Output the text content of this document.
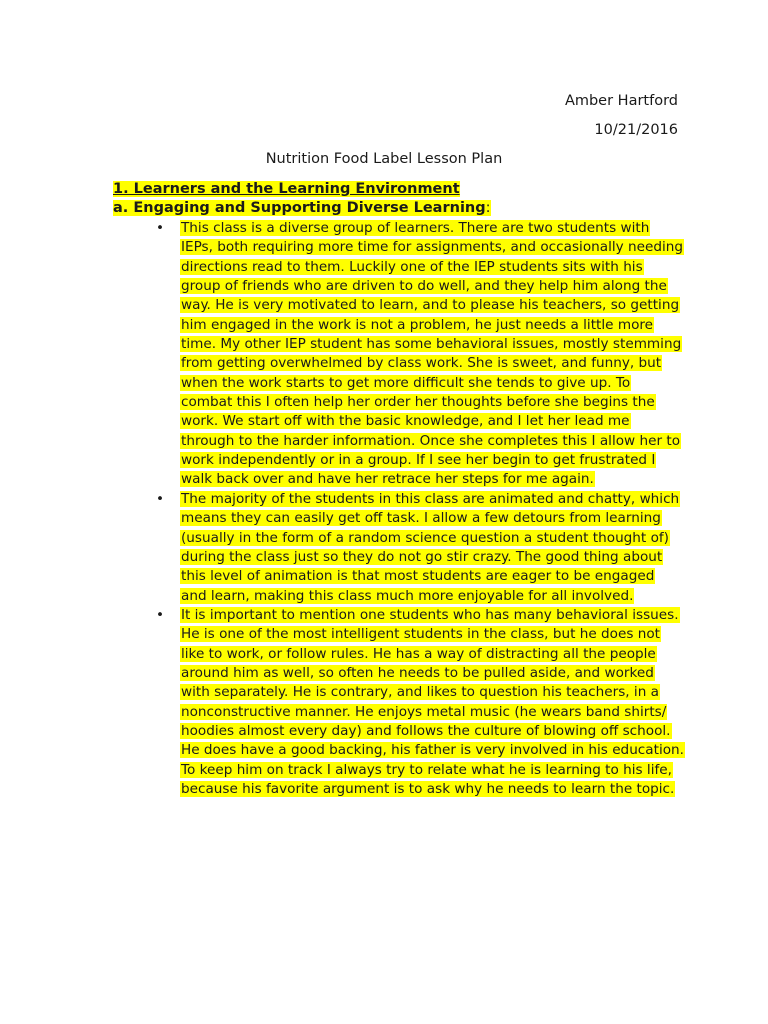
Amber Hartford
10/21/2016
Nutrition Food Label Lesson Plan
1. Learners and the Learning Environment
a. Engaging and Supporting Diverse Learning:
• This class is a diverse group of learners. There are two students with IEPs, both requiring more time for assignments, and occasionally needing directions read to them. Luckily one of the IEP students sits with his group of friends who are driven to do well, and they help him along the way. He is very motivated to learn, and to please his teachers, so getting him engaged in the work is not a problem, he just needs a little more time. My other IEP student has some behavioral issues, mostly stemming from getting overwhelmed by class work. She is sweet, and funny, but when the work starts to get more difficult she tends to give up. To combat this I often help her order her thoughts before she begins the work. We start off with the basic knowledge, and I let her lead me through to the harder information. Once she completes this I allow her to work independently or in a group. If I see her begin to get frustrated I walk back over and have her retrace her steps for me again.
• The majority of the students in this class are animated and chatty, which means they can easily get off task. I allow a few detours from learning (usually in the form of a random science question a student thought of) during the class just so they do not go stir crazy. The good thing about this level of animation is that most students are eager to be engaged and learn, making this class much more enjoyable for all involved.
• It is important to mention one students who has many behavioral issues. He is one of the most intelligent students in the class, but he does not like to work, or follow rules. He has a way of distracting all the people around him as well, so often he needs to be pulled aside, and worked with separately. He is contrary, and likes to question his teachers, in a nonconstructive manner. He enjoys metal music (he wears band shirts/ hoodies almost every day) and follows the culture of blowing off school. He does have a good backing, his father is very involved in his education. To keep him on track I always try to relate what he is learning to his life, because his favorite argument is to ask why he needs to learn the topic.
